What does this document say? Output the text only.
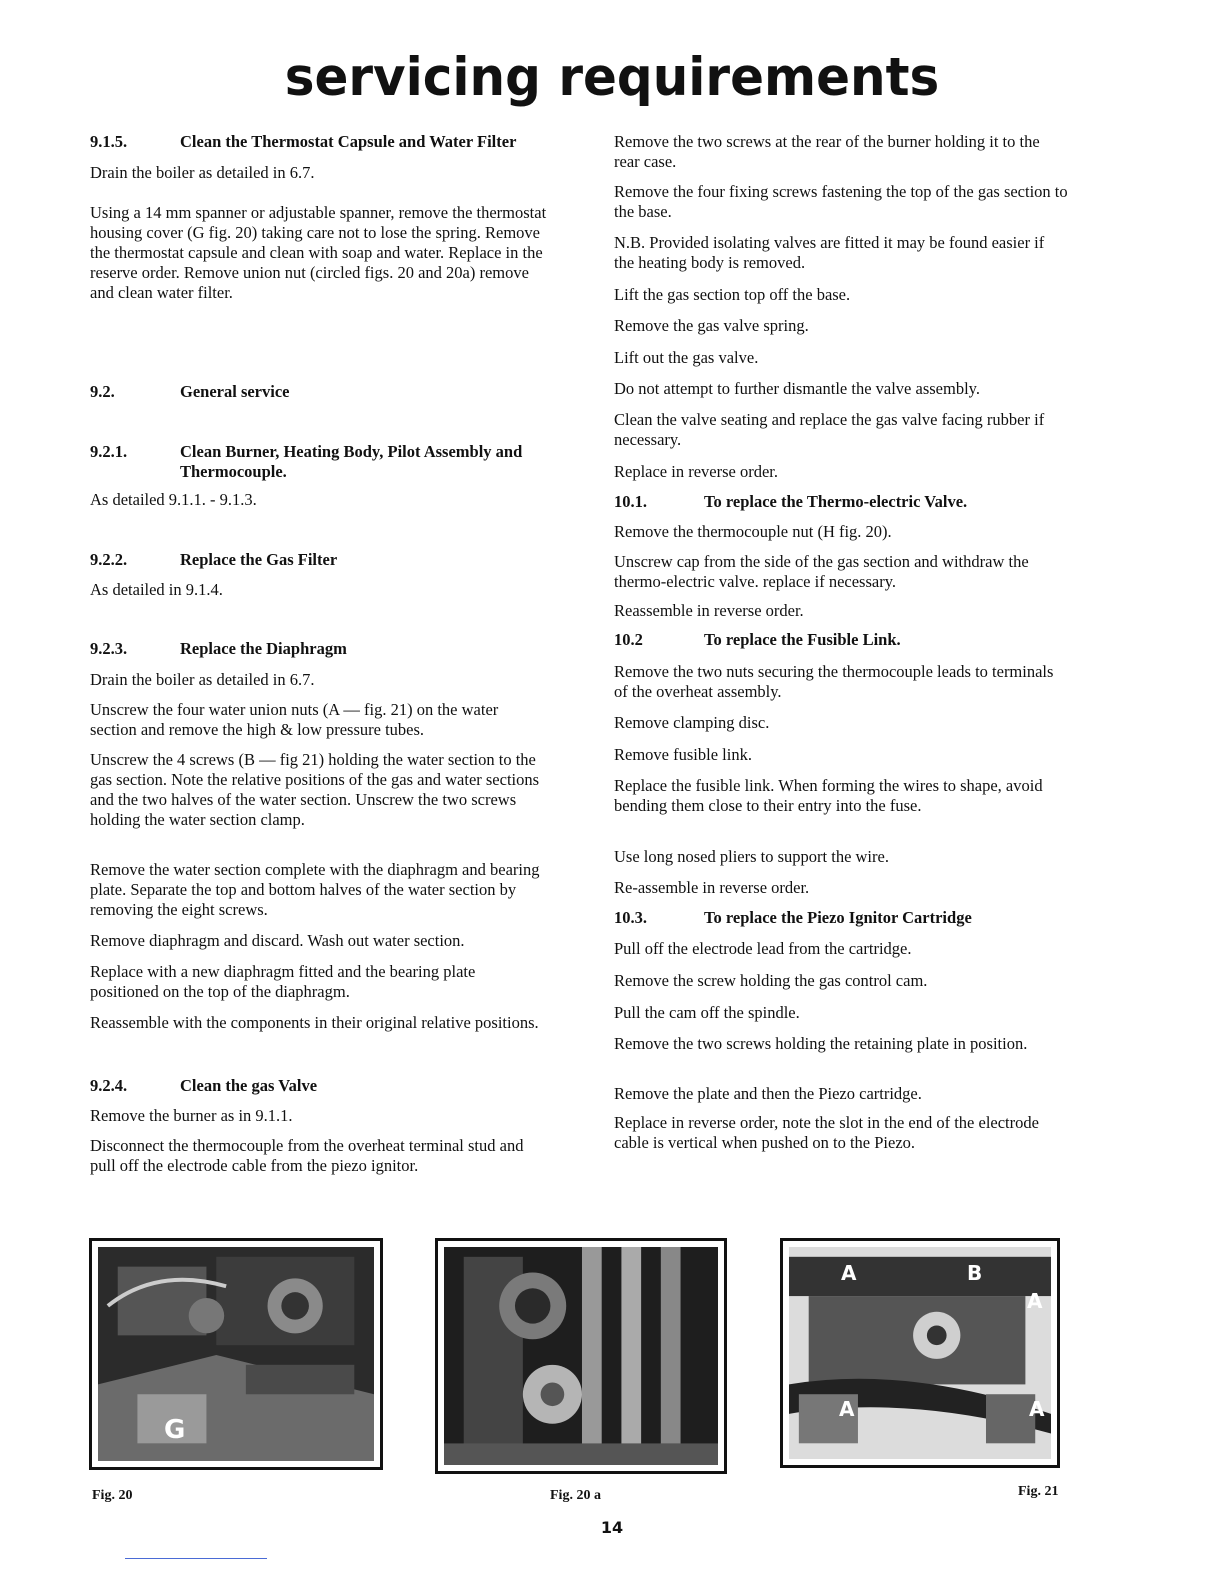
servicing requirements
9.1.5.	Clean the Thermostat Capsule and Water Filter

Drain the boiler as detailed in 6.7.

Using a 14 mm spanner or adjustable spanner, remove the thermostat housing cover (G fig. 20) taking care not to lose the spring. Remove the thermostat capsule and clean with soap and water. Replace in the reserve order. Remove union nut (circled figs. 20 and 20a) remove and clean water filter.

9.2.	General service
9.2.1.	Clean Burner, Heating Body, Pilot Assembly and Thermocouple.

As detailed 9.1.1. - 9.1.3.

9.2.2.	Replace the Gas Filter

As detailed in 9.1.4.

9.2.3.	Replace the Diaphragm

Drain the boiler as detailed in 6.7.

Unscrew the four water union nuts (A — fig. 21) on the water section and remove the high & low pressure tubes.

Unscrew the 4 screws (B — fig 21) holding the water section to the gas section. Note the relative positions of the gas and water sections and the two halves of the water section. Unscrew the two screws holding the water section clamp.

Remove the water section complete with the diaphragm and bearing plate. Separate the top and bottom halves of the water section by removing the eight screws.

Remove diaphragm and discard. Wash out water section.

Replace with a new diaphragm fitted and the bearing plate positioned on the top of the diaphragm.

Reassemble with the components in their original relative positions.

9.2.4.	Clean the gas Valve

Remove the burner as in 9.1.1.

Disconnect the thermocouple from the overheat terminal stud and pull off the electrode cable from the piezo ignitor.

Remove the two screws at the rear of the burner holding it to the rear case.

Remove the four fixing screws fastening the top of the gas section to the base.

N.B. Provided isolating valves are fitted it may be found easier if the heating body is removed.

Lift the gas section top off the base.

Remove the gas valve spring.

Lift out the gas valve.

Do not attempt to further dismantle the valve assembly.

Clean the valve seating and replace the gas valve facing rubber if necessary.

Replace in reverse order.

10.1.	To replace the Thermo-electric Valve.

Remove the thermocouple nut (H fig. 20).

Unscrew cap from the side of the gas section and withdraw the thermo-electric valve. replace if necessary.

Reassemble in reverse order.

10.2	To replace the Fusible Link.

Remove the two nuts securing the thermocouple leads to terminals of the overheat assembly.

Remove clamping disc.

Remove fusible link.

Replace the fusible link. When forming the wires to shape, avoid bending them close to their entry into the fuse.

Use long nosed pliers to support the wire.

Re-assemble in reverse order.

10.3.	To replace the Piezo Ignitor Cartridge

Pull off the electrode lead from the cartridge.

Remove the screw holding the gas control cam.

Pull the cam off the spindle.

Remove the two screws holding the retaining plate in position.

Remove the plate and then the Piezo cartridge.

Replace in reverse order, note the slot in the end of the electrode cable is vertical when pushed on to the Piezo.

G
Fig. 20	Fig. 20 a
A	B
A
A	A
Fig. 21
14
